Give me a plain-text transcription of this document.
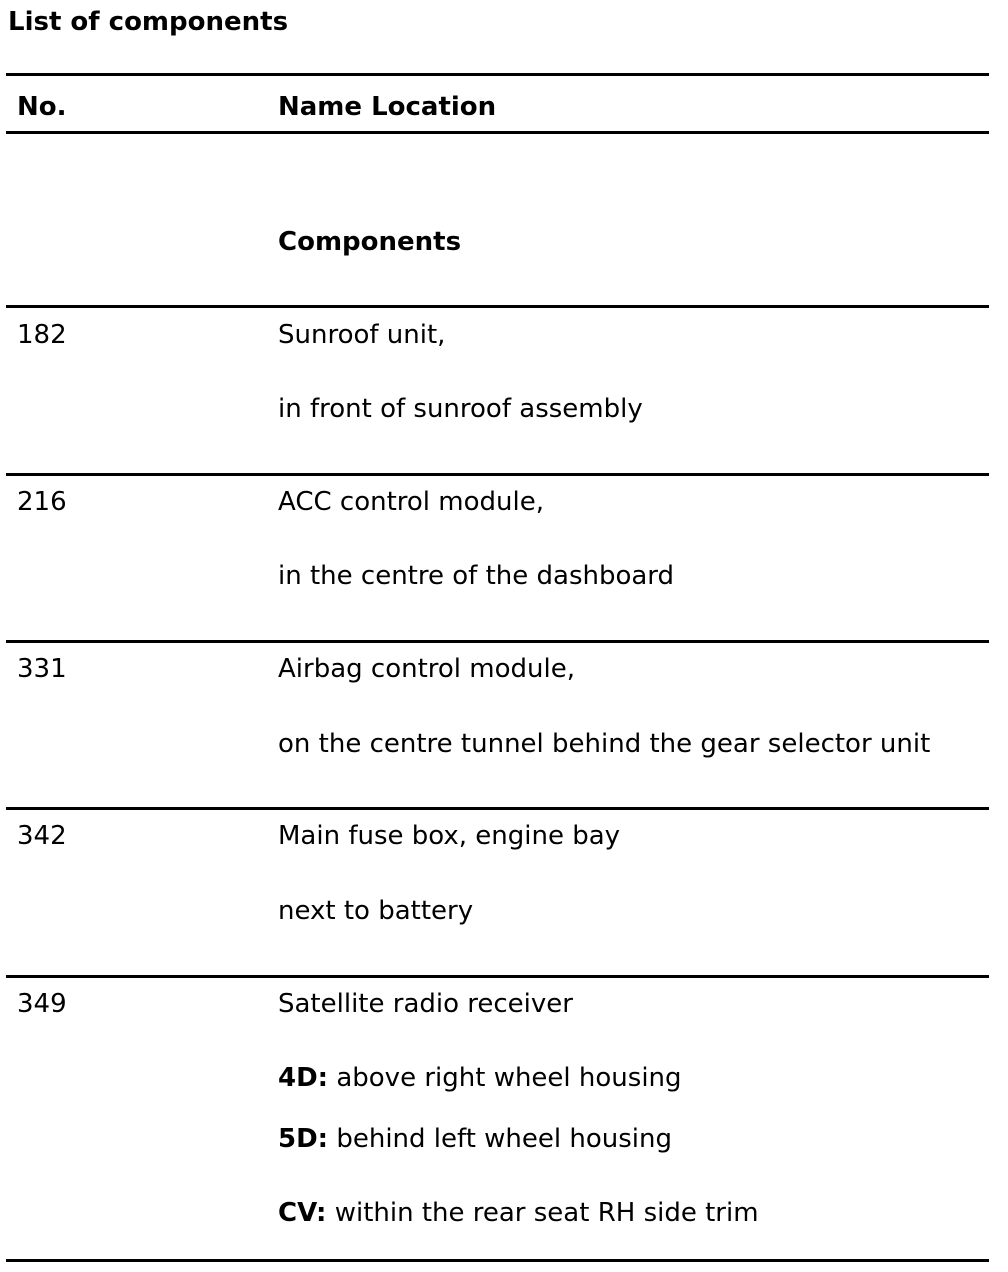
List of components
No.	Name Location
Components
182	Sunroof unit,
in front of sunroof assembly
216	ACC control module,
in the centre of the dashboard
331	Airbag control module,
on the centre tunnel behind the gear selector unit
342	Main fuse box, engine bay
next to battery
349	Satellite radio receiver
4D: above right wheel housing
5D: behind left wheel housing
CV: within the rear seat RH side trim
